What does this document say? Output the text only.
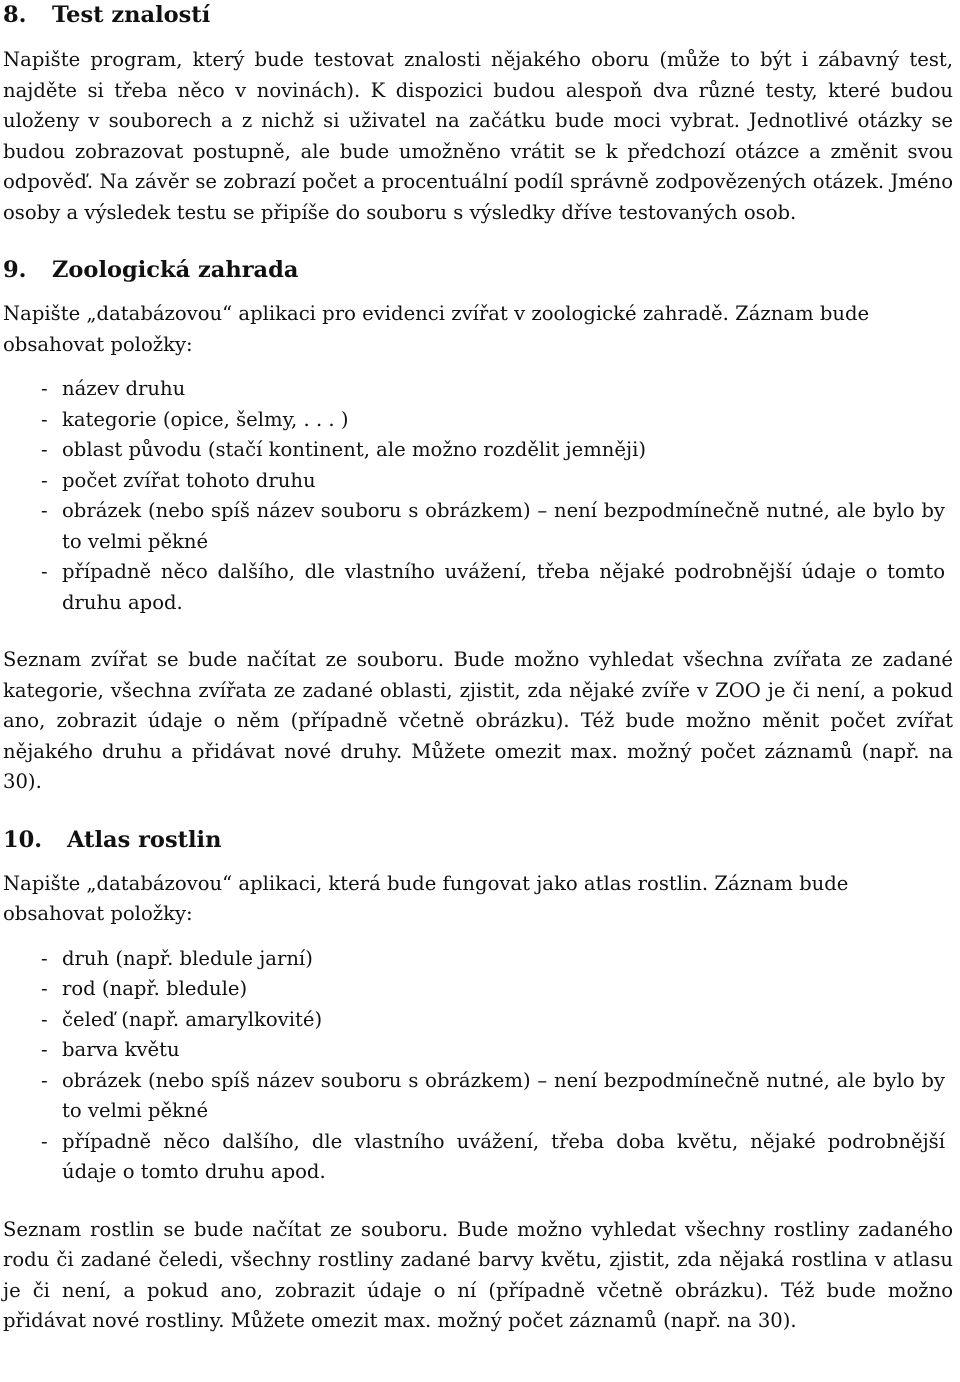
8. Test znalostí

Napište program, který bude testovat znalosti nějakého oboru (může to být i zábavný test, najděte si třeba něco v novinách). K dispozici budou alespoň dva různé testy, které budou uloženy v souborech a z nichž si uživatel na začátku bude moci vybrat. Jednotlivé otázky se budou zobrazovat postupně, ale bude umožněno vrátit se k předchozí otázce a změnit svou odpověď. Na závěr se zobrazí počet a procentuální podíl správně zodpovězených otázek. Jméno osoby a výsledek testu se připíše do souboru s výsledky dříve testovaných osob.

9. Zoologická zahrada

Napište „databázovou“ aplikaci pro evidenci zvířat v zoologické zahradě. Záznam bude obsahovat položky:

- název druhu
- kategorie (opice, šelmy, . . . )
- oblast původu (stačí kontinent, ale možno rozdělit jemněji)
- počet zvířat tohoto druhu
- obrázek (nebo spíš název souboru s obrázkem) – není bezpodmínečně nutné, ale bylo by to velmi pěkné
- případně něco dalšího, dle vlastního uvážení, třeba nějaké podrobnější údaje o tomto druhu apod.

Seznam zvířat se bude načítat ze souboru. Bude možno vyhledat všechna zvířata ze zadané kategorie, všechna zvířata ze zadané oblasti, zjistit, zda nějaké zvíře v ZOO je či není, a pokud ano, zobrazit údaje o něm (případně včetně obrázku). Též bude možno měnit počet zvířat nějakého druhu a přidávat nové druhy. Můžete omezit max. možný počet záznamů (např. na 30).

10. Atlas rostlin

Napište „databázovou“ aplikaci, která bude fungovat jako atlas rostlin. Záznam bude obsahovat položky:

- druh (např. bledule jarní)
- rod (např. bledule)
- čeleď (např. amarylkovité)
- barva květu
- obrázek (nebo spíš název souboru s obrázkem) – není bezpodmínečně nutné, ale bylo by to velmi pěkné
- případně něco dalšího, dle vlastního uvážení, třeba doba květu, nějaké podrobnější údaje o tomto druhu apod.

Seznam rostlin se bude načítat ze souboru. Bude možno vyhledat všechny rostliny zadaného rodu či zadané čeledi, všechny rostliny zadané barvy květu, zjistit, zda nějaká rostlina v atlasu je či není, a pokud ano, zobrazit údaje o ní (případně včetně obrázku). Též bude možno přidávat nové rostliny. Můžete omezit max. možný počet záznamů (např. na 30).
